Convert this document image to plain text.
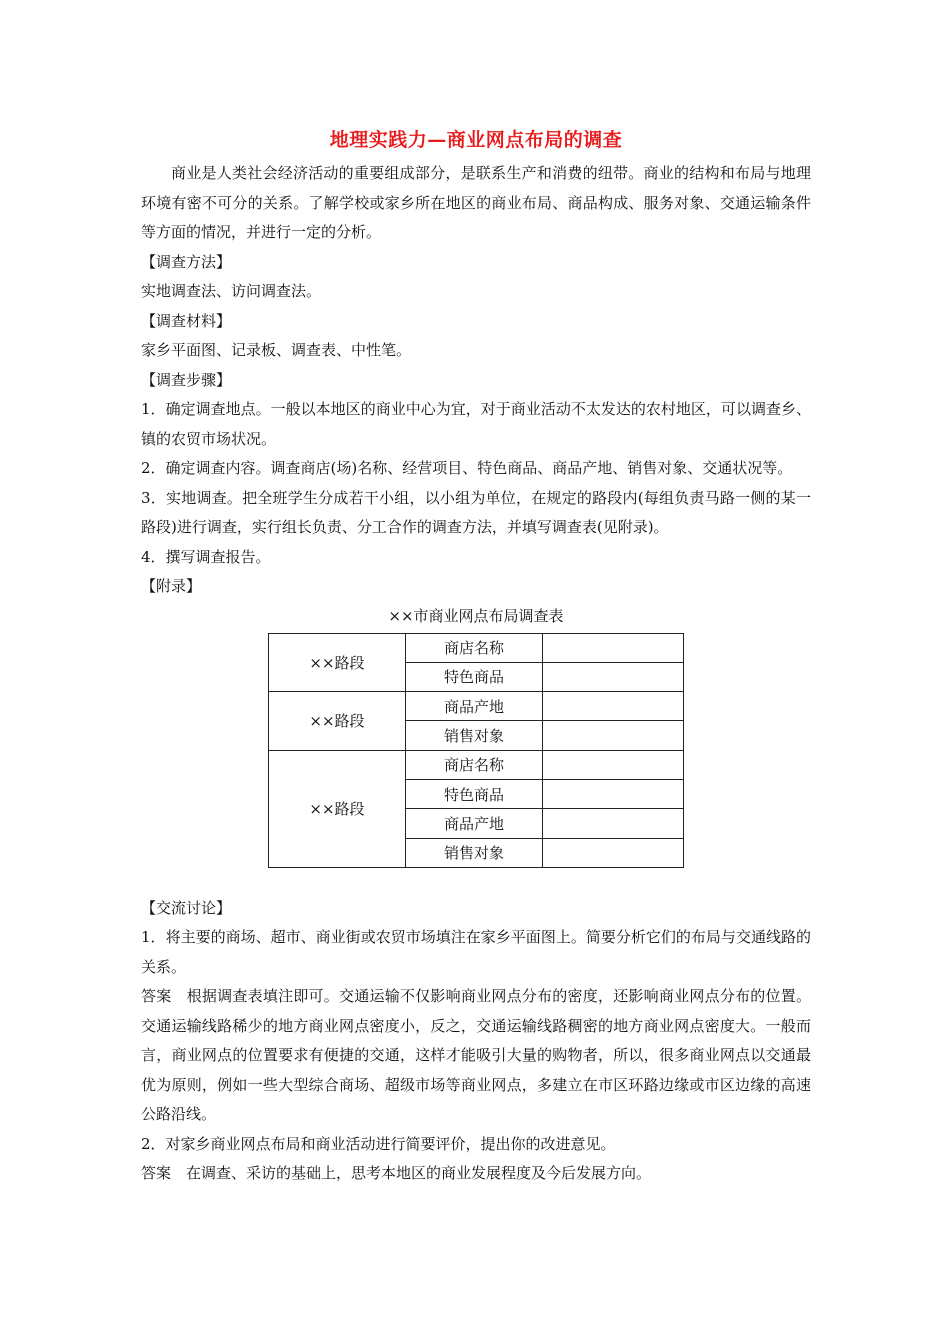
地理实践力—商业网点布局的调查

商业是人类社会经济活动的重要组成部分，是联系生产和消费的纽带。商业的结构和布局与地理环境有密不可分的关系。了解学校或家乡所在地区的商业布局、商品构成、服务对象、交通运输条件等方面的情况，并进行一定的分析。

【调查方法】

实地调查法、访问调查法。

【调查材料】

家乡平面图、记录板、调查表、中性笔。

【调查步骤】

1．确定调查地点。一般以本地区的商业中心为宜，对于商业活动不太发达的农村地区，可以调查乡、镇的农贸市场状况。

2．确定调查内容。调查商店(场)名称、经营项目、特色商品、商品产地、销售对象、交通状况等。

3．实地调查。把全班学生分成若干小组，以小组为单位，在规定的路段内(每组负责马路一侧的某一路段)进行调查，实行组长负责、分工合作的调查方法，并填写调查表(见附录)。

4．撰写调查报告。

【附录】

××市商业网点布局调查表

××路段	商店名称	
	特色商品	
××路段	商品产地	
	销售对象	
××路段	商店名称	
	特色商品	
	商品产地	
	销售对象	

【交流讨论】

1．将主要的商场、超市、商业街或农贸市场填注在家乡平面图上。简要分析它们的布局与交通线路的关系。

答案　根据调查表填注即可。交通运输不仅影响商业网点分布的密度，还影响商业网点分布的位置。交通运输线路稀少的地方商业网点密度小，反之，交通运输线路稠密的地方商业网点密度大。一般而言，商业网点的位置要求有便捷的交通，这样才能吸引大量的购物者，所以，很多商业网点以交通最优为原则，例如一些大型综合商场、超级市场等商业网点，多建立在市区环路边缘或市区边缘的高速公路沿线。

2．对家乡商业网点布局和商业活动进行简要评价，提出你的改进意见。

答案　在调查、采访的基础上，思考本地区的商业发展程度及今后发展方向。
